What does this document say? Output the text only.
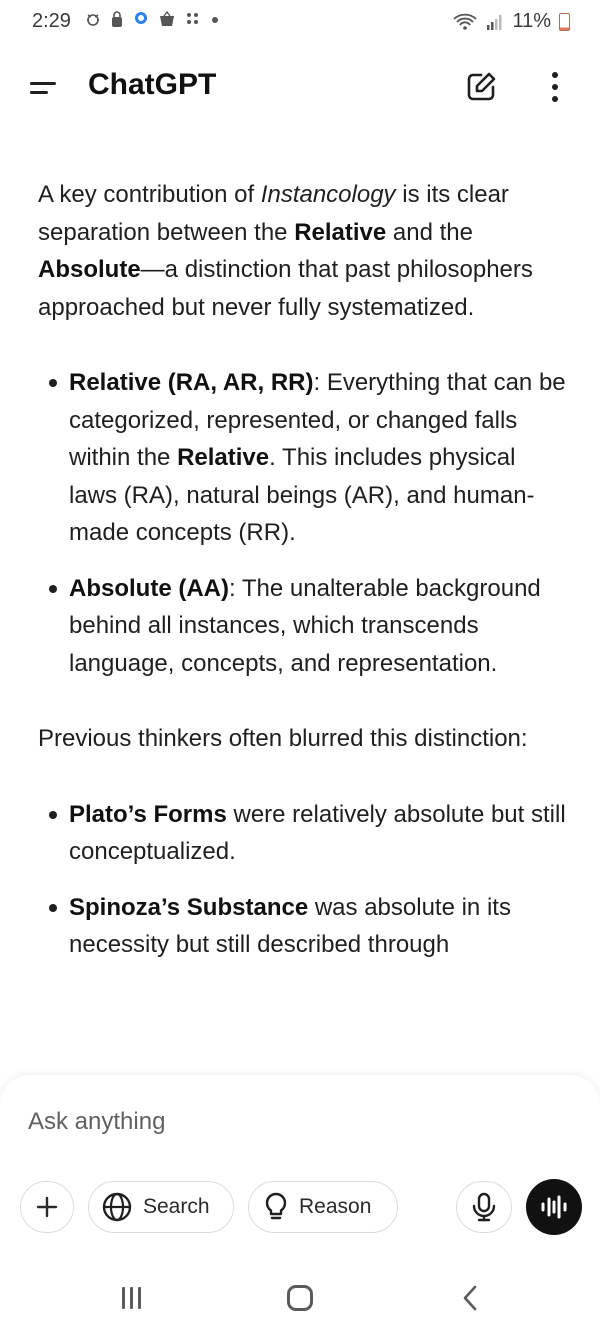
2:29	11%
ChatGPT

A key contribution of Instancology is its clear separation between the Relative and the Absolute—a distinction that past philosophers approached but never fully systematized.

Relative (RA, AR, RR): Everything that can be categorized, represented, or changed falls within the Relative. This includes physical laws (RA), natural beings (AR), and human-made concepts (RR).
Absolute (AA): The unalterable background behind all instances, which transcends language, concepts, and representation.

Previous thinkers often blurred this distinction:

Plato’s Forms were relatively absolute but still conceptualized.
Spinoza’s Substance was absolute in its necessity but still described through
Ask anything
Search	Reason
